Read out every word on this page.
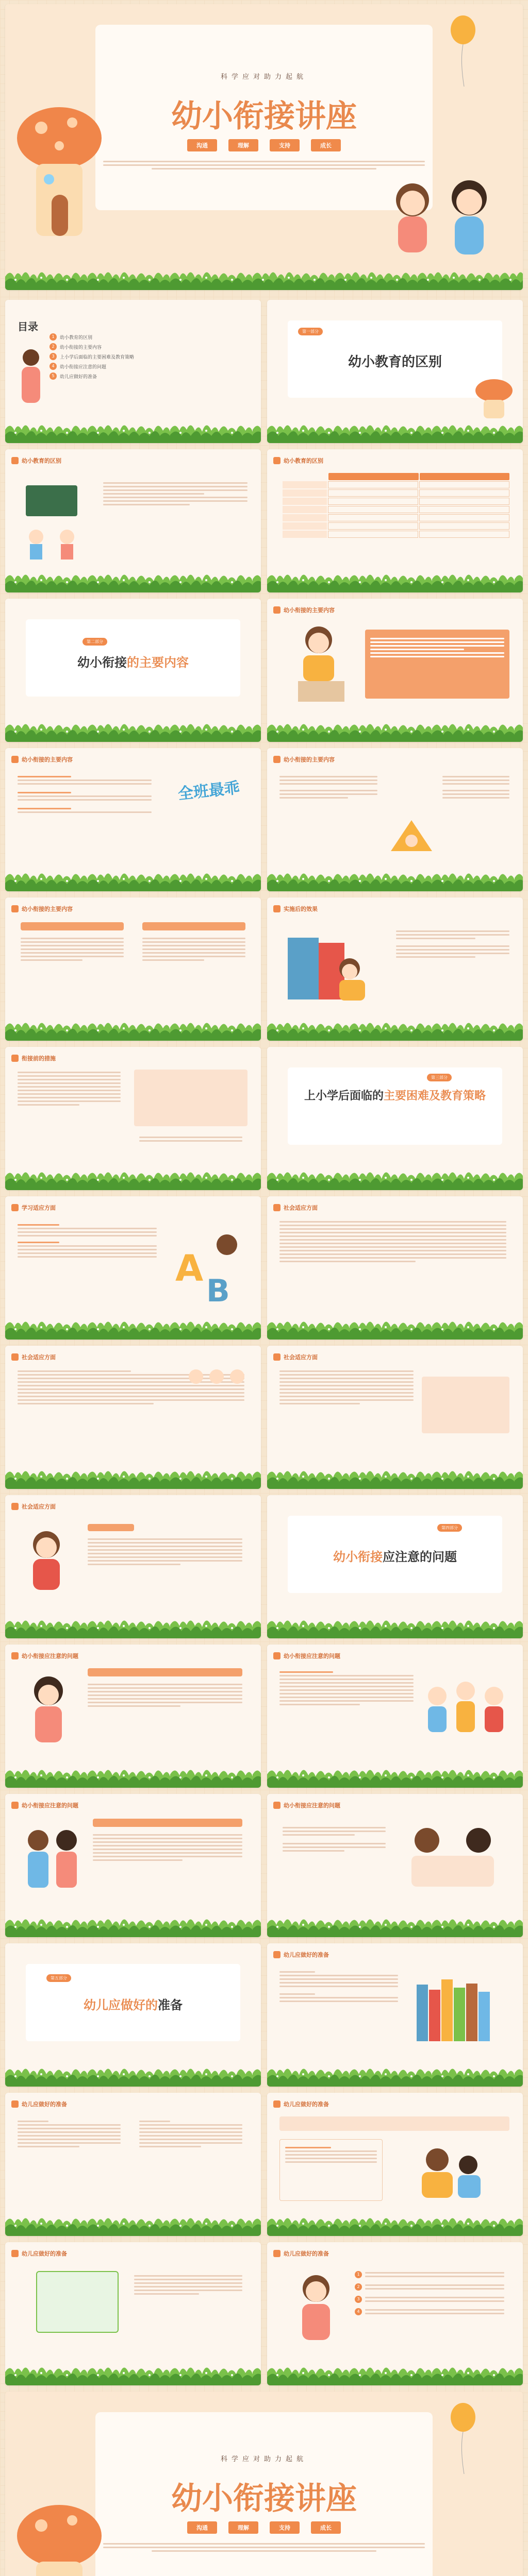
科学应对助力起航
幼小衔接讲座
沟通	理解	支持	成长
目录
1	幼小教育的区别
2	幼小衔接的主要内容
3	上小学后面临的主要困难及教育策略
4	幼小衔接应注意的问题
5	幼儿应做好的准备
第一部分
幼小教育的区别
幼小教育的区别	幼小教育的区别
第二部分
幼小衔接的主要内容
幼小衔接的主要内容
幼小衔接的主要内容
全班最乖
幼小衔接的主要内容
幼小衔接的主要内容	实施后的效果
衔接前的措施
第三部分
上小学后面临的主要困难及教育策略
学习适应方面
A
B
社会适应方面
社会适应方面	社会适应方面
社会适应方面
第四部分
幼小衔接应注意的问题
幼小衔接应注意的问题	幼小衔接应注意的问题
幼小衔接应注意的问题	幼小衔接应注意的问题
第五部分
幼儿应做好的准备
幼儿应做好的准备
幼儿应做好的准备	幼儿应做好的准备
幼儿应做好的准备	幼儿应做好的准备
1
2
3
4
科学应对助力起航
幼小衔接讲座
沟通	理解	支持	成长
